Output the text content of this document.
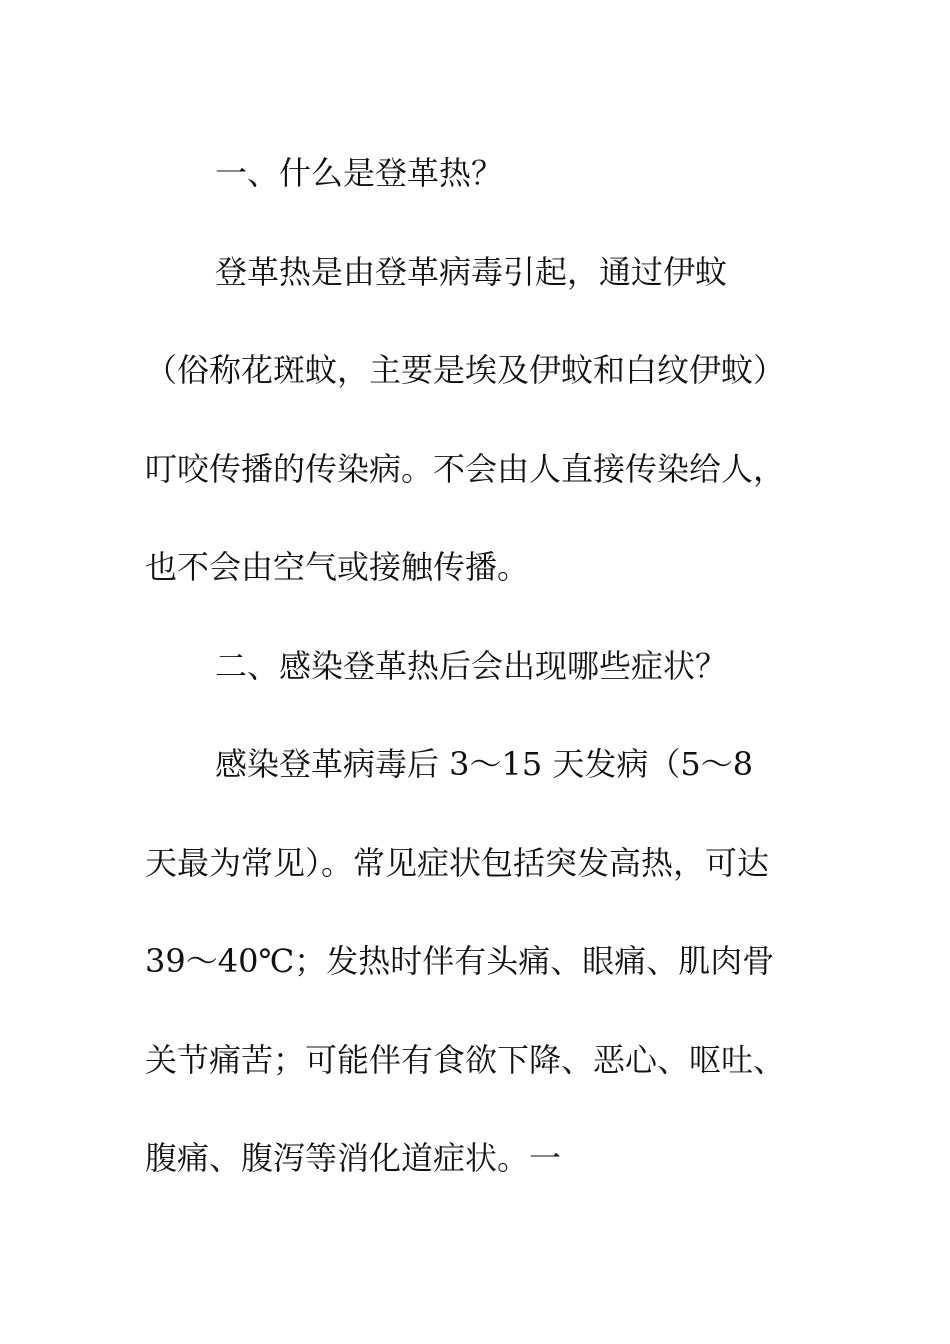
一、什么是登革热？

登革热是由登革病毒引起，通过伊蚊（俗称花斑蚊，主要是埃及伊蚊和白纹伊蚊）叮咬传播的传染病。不会由人直接传染给人，也不会由空气或接触传播。

二、感染登革热后会出现哪些症状？

感染登革病毒后 3～15 天发病（5～8 天最为常见）。常见症状包括突发高热，可达 39～40℃；发热时伴有头痛、眼痛、肌肉骨关节痛苦；可能伴有食欲下降、恶心、呕吐、腹痛、腹泻等消化道症状。一
